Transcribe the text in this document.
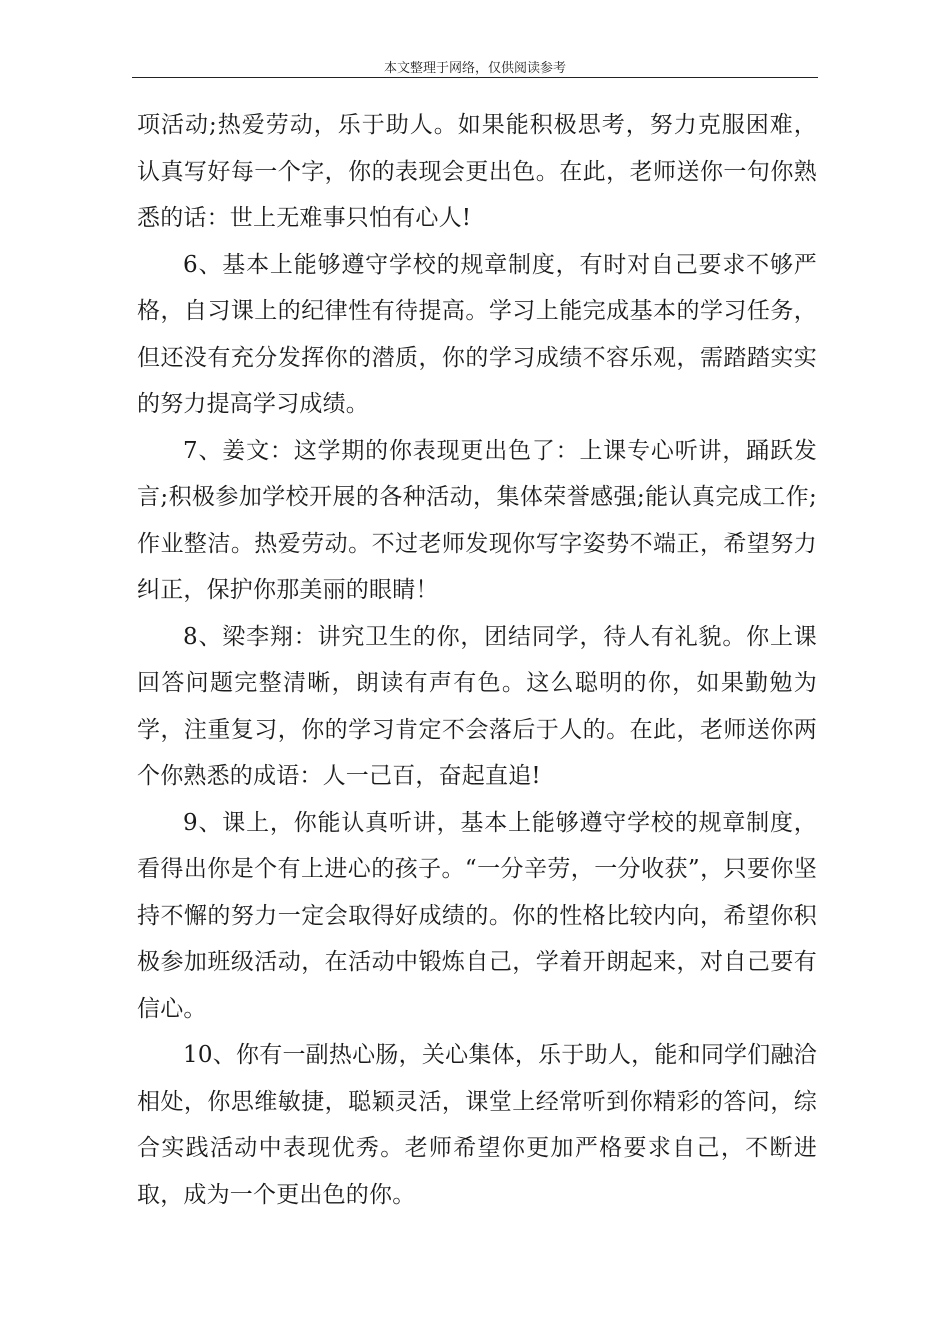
本文整理于网络，仅供阅读参考

项活动;热爱劳动，乐于助人。如果能积极思考，努力克服困难，认真写好每一个字，你的表现会更出色。在此，老师送你一句你熟悉的话：世上无难事只怕有心人!

6、基本上能够遵守学校的规章制度，有时对自己要求不够严格，自习课上的纪律性有待提高。学习上能完成基本的学习任务，但还没有充分发挥你的潜质，你的学习成绩不容乐观，需踏踏实实的努力提高学习成绩。

7、姜文：这学期的你表现更出色了：上课专心听讲，踊跃发言;积极参加学校开展的各种活动，集体荣誉感强;能认真完成工作;作业整洁。热爱劳动。不过老师发现你写字姿势不端正，希望努力纠正，保护你那美丽的眼睛！

8、梁李翔：讲究卫生的你，团结同学，待人有礼貌。你上课回答问题完整清晰，朗读有声有色。这么聪明的你，如果勤勉为学，注重复习，你的学习肯定不会落后于人的。在此，老师送你两个你熟悉的成语：人一己百，奋起直追!

9、课上，你能认真听讲，基本上能够遵守学校的规章制度，看得出你是个有上进心的孩子。“一分辛劳，一分收获”，只要你坚持不懈的努力一定会取得好成绩的。你的性格比较内向，希望你积极参加班级活动，在活动中锻炼自己，学着开朗起来，对自己要有信心。

10、你有一副热心肠，关心集体，乐于助人，能和同学们融洽相处，你思维敏捷，聪颖灵活，课堂上经常听到你精彩的答问，综合实践活动中表现优秀。老师希望你更加严格要求自己，不断进取，成为一个更出色的你。
